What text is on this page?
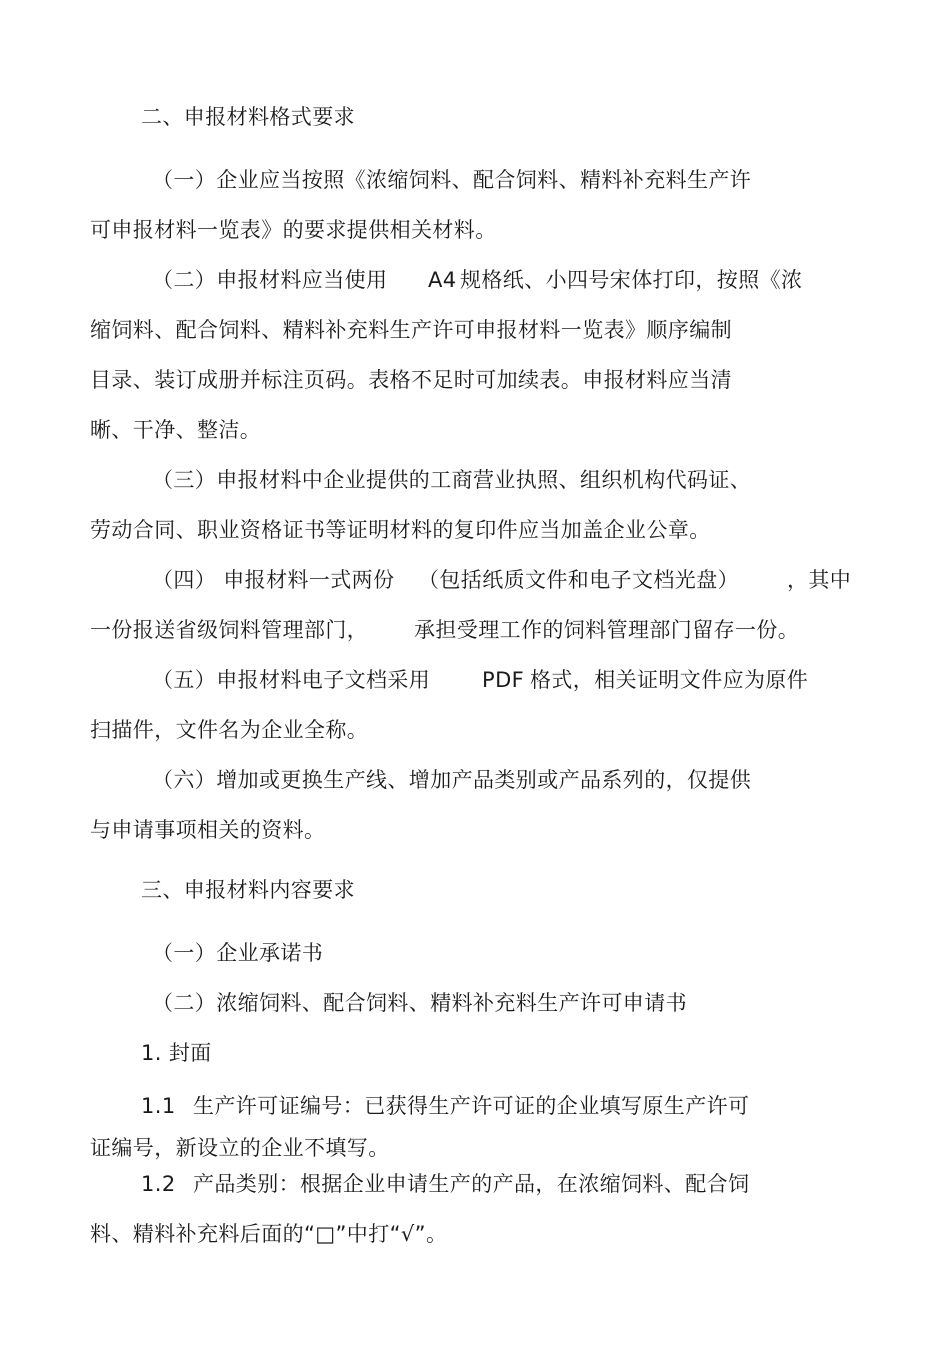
二、申报材料格式要求
（一）企业应当按照《浓缩饲料、配合饲料、精料补充料生产许
可申报材料一览表》的要求提供相关材料。
（二）申报材料应当使用 A4 规格纸、小四号宋体打印，按照《浓
缩饲料、配合饲料、精料补充料生产许可申报材料一览表》顺序编制
目录、装订成册并标注页码。表格不足时可加续表。申报材料应当清
晰、干净、整洁。
（三）申报材料中企业提供的工商营业执照、组织机构代码证、
劳动合同、职业资格证书等证明材料的复印件应当加盖企业公章。
（四） 申报材料一式两份 （包括纸质文件和电子文档光盘） ，其中
一份报送省级饲料管理部门， 承担受理工作的饲料管理部门留存一份。
（五）申报材料电子文档采用 PDF 格式，相关证明文件应为原件
扫描件，文件名为企业全称。
（六）增加或更换生产线、增加产品类别或产品系列的，仅提供
与申请事项相关的资料。
三、申报材料内容要求
（一）企业承诺书
（二）浓缩饲料、配合饲料、精料补充料生产许可申请书
1. 封面
1.1 生产许可证编号：已获得生产许可证的企业填写原生产许可
证编号，新设立的企业不填写。
1.2 产品类别：根据企业申请生产的产品，在浓缩饲料、配合饲
料、精料补充料后面的“□”中打“√”。
